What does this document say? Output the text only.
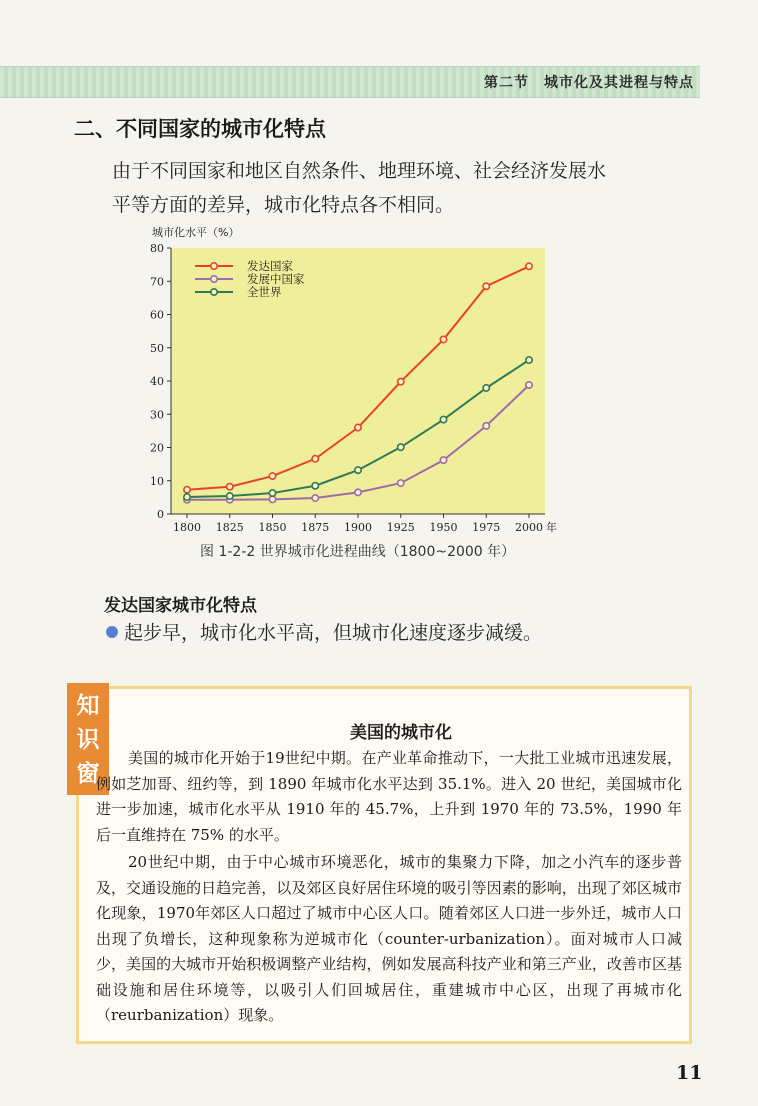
第二节　城市化及其进程与特点
二、不同国家的城市化特点
由于不同国家和地区自然条件、地理环境、社会经济发展水平等方面的差异，城市化特点各不相同。
0
10
20
30
40
50
60
70
80
1800 1825 1850 1875 1900 1925 1950 1975 2000
发达国家
发展中国家
全世界
城市化水平（%）
年
图 1-2-2 世界城市化进程曲线（1800~2000 年）
发达国家城市化特点
起步早，城市化水平高，但城市化速度逐步减缓。
知
识
窗
美国的城市化

美国的城市化开始于19世纪中期。在产业革命推动下，一大批工业城市迅速发展，例如芝加哥、纽约等，到 1890 年城市化水平达到 35.1%。进入 20 世纪，美国城市化进一步加速，城市化水平从 1910 年的 45.7%，上升到 1970 年的 73.5%，1990 年后一直维持在 75% 的水平。

20世纪中期，由于中心城市环境恶化，城市的集聚力下降，加之小汽车的逐步普及，交通设施的日趋完善，以及郊区良好居住环境的吸引等因素的影响，出现了郊区城市化现象，1970年郊区人口超过了城市中心区人口。随着郊区人口进一步外迁，城市人口出现了负增长，这种现象称为逆城市化（counter-urbanization）。面对城市人口减少，美国的大城市开始积极调整产业结构，例如发展高科技产业和第三产业，改善市区基础设施和居住环境等，以吸引人们回城居住，重建城市中心区，出现了再城市化（reurbanization）现象。

11
